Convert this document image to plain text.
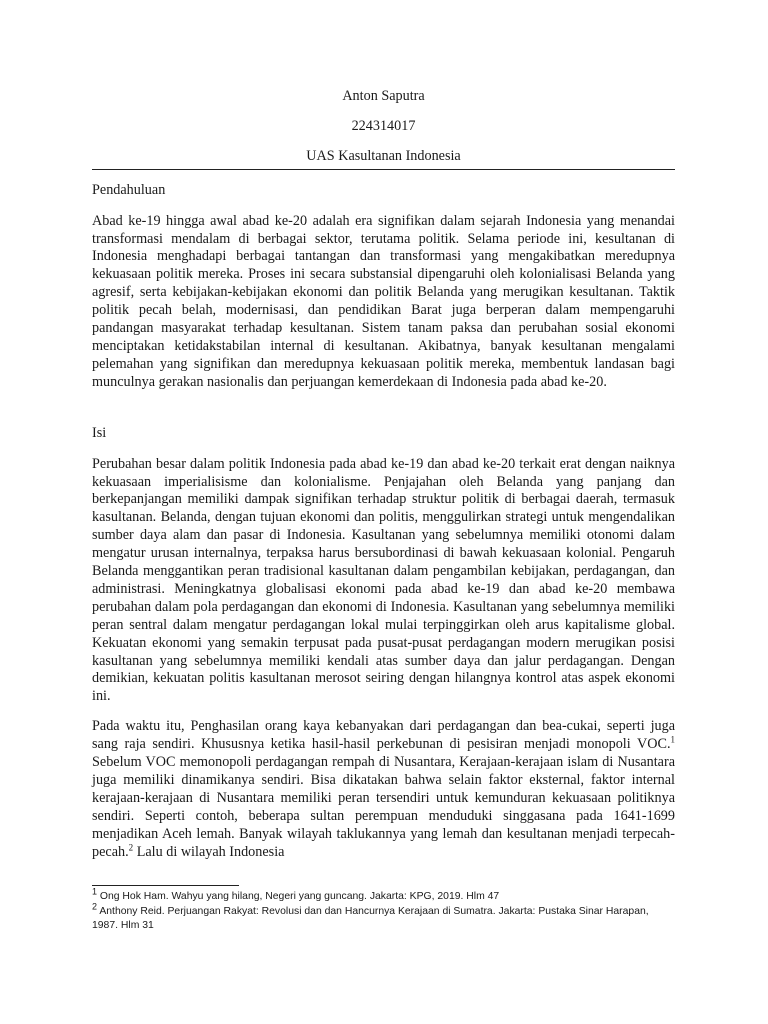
Anton Saputra
224314017
UAS Kasultanan Indonesia
Pendahuluan

Abad ke-19 hingga awal abad ke-20 adalah era signifikan dalam sejarah Indonesia yang menandai transformasi mendalam di berbagai sektor, terutama politik. Selama periode ini, kesultanan di Indonesia menghadapi berbagai tantangan dan transformasi yang mengakibatkan meredupnya kekuasaan politik mereka. Proses ini secara substansial dipengaruhi oleh kolonialisasi Belanda yang agresif, serta kebijakan-kebijakan ekonomi dan politik Belanda yang merugikan kesultanan. Taktik politik pecah belah, modernisasi, dan pendidikan Barat juga berperan dalam mempengaruhi pandangan masyarakat terhadap kesultanan. Sistem tanam paksa dan perubahan sosial ekonomi menciptakan ketidakstabilan internal di kesultanan. Akibatnya, banyak kesultanan mengalami pelemahan yang signifikan dan meredupnya kekuasaan politik mereka, membentuk landasan bagi munculnya gerakan nasionalis dan perjuangan kemerdekaan di Indonesia pada abad ke-20.

Isi

Perubahan besar dalam politik Indonesia pada abad ke-19 dan abad ke-20 terkait erat dengan naiknya kekuasaan imperialisisme dan kolonialisme. Penjajahan oleh Belanda yang panjang dan berkepanjangan memiliki dampak signifikan terhadap struktur politik di berbagai daerah, termasuk kasultanan. Belanda, dengan tujuan ekonomi dan politis, menggulirkan strategi untuk mengendalikan sumber daya alam dan pasar di Indonesia. Kasultanan yang sebelumnya memiliki otonomi dalam mengatur urusan internalnya, terpaksa harus bersubordinasi di bawah kekuasaan kolonial. Pengaruh Belanda menggantikan peran tradisional kasultanan dalam pengambilan kebijakan, perdagangan, dan administrasi. Meningkatnya globalisasi ekonomi pada abad ke-19 dan abad ke-20 membawa perubahan dalam pola perdagangan dan ekonomi di Indonesia. Kasultanan yang sebelumnya memiliki peran sentral dalam mengatur perdagangan lokal mulai terpinggirkan oleh arus kapitalisme global. Kekuatan ekonomi yang semakin terpusat pada pusat-pusat perdagangan modern merugikan posisi kasultanan yang sebelumnya memiliki kendali atas sumber daya dan jalur perdagangan. Dengan demikian, kekuatan politis kasultanan merosot seiring dengan hilangnya kontrol atas aspek ekonomi ini.

Pada waktu itu, Penghasilan orang kaya kebanyakan dari perdagangan dan bea-cukai, seperti juga sang raja sendiri. Khususnya ketika hasil-hasil perkebunan di pesisiran menjadi monopoli VOC.$^1$ Sebelum VOC memonopoli perdagangan rempah di Nusantara, Kerajaan-kerajaan islam di Nusantara juga memiliki dinamikanya sendiri. Bisa dikatakan bahwa selain faktor eksternal, faktor internal kerajaan-kerajaan di Nusantara memiliki peran tersendiri untuk kemunduran kekuasaan politiknya sendiri. Seperti contoh, beberapa sultan perempuan menduduki singgasana pada 1641-1699 menjadikan Aceh lemah. Banyak wilayah taklukannya yang lemah dan kesultanan menjadi terpecah-pecah.$^2$ Lalu di wilayah Indonesia

$^1$ Ong Hok Ham. Wahyu yang hilang, Negeri yang guncang. Jakarta: KPG, 2019. Hlm 47

$^2$ Anthony Reid. Perjuangan Rakyat: Revolusi dan dan Hancurnya Kerajaan di Sumatra. Jakarta: Pustaka Sinar Harapan, 1987. Hlm 31
